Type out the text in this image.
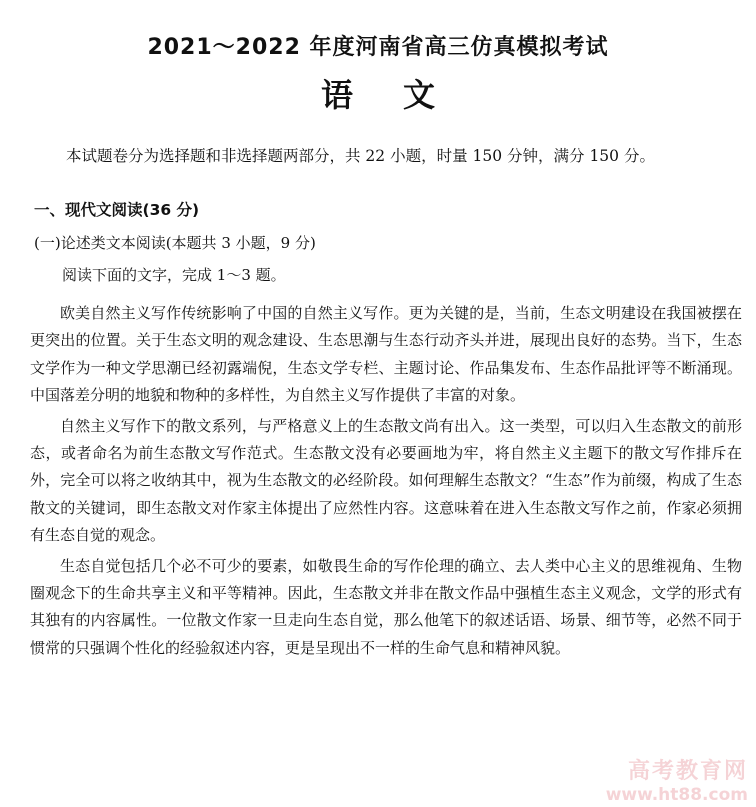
2021～2022 年度河南省高三仿真模拟考试
语文
本试题卷分为选择题和非选择题两部分，共 22 小题，时量 150 分钟，满分 150 分。
一、现代文阅读(36 分)
(一)论述类文本阅读(本题共 3 小题，9 分)
阅读下面的文字，完成 1～3 题。

欧美自然主义写作传统影响了中国的自然主义写作。更为关键的是，当前，生态文明建设在我国被摆在更突出的位置。关于生态文明的观念建设、生态思潮与生态行动齐头并进，展现出良好的态势。当下，生态文学作为一种文学思潮已经初露端倪，生态文学专栏、主题讨论、作品集发布、生态作品批评等不断涌现。中国落差分明的地貌和物种的多样性，为自然主义写作提供了丰富的对象。

自然主义写作下的散文系列，与严格意义上的生态散文尚有出入。这一类型，可以归入生态散文的前形态，或者命名为前生态散文写作范式。生态散文没有必要画地为牢，将自然主义主题下的散文写作排斥在外，完全可以将之收纳其中，视为生态散文的必经阶段。如何理解生态散文？“生态”作为前缀，构成了生态散文的关键词，即生态散文对作家主体提出了应然性内容。这意味着在进入生态散文写作之前，作家必须拥有生态自觉的观念。

生态自觉包括几个必不可少的要素，如敬畏生命的写作伦理的确立、去人类中心主义的思维视角、生物圈观念下的生命共享主义和平等精神。因此，生态散文并非在散文作品中强植生态主义观念，文学的形式有其独有的内容属性。一位散文作家一旦走向生态自觉，那么他笔下的叙述话语、场景、细节等，必然不同于惯常的只强调个性化的经验叙述内容，更是呈现出不一样的生命气息和精神风貌。

高考教育网
www.ht88.com
